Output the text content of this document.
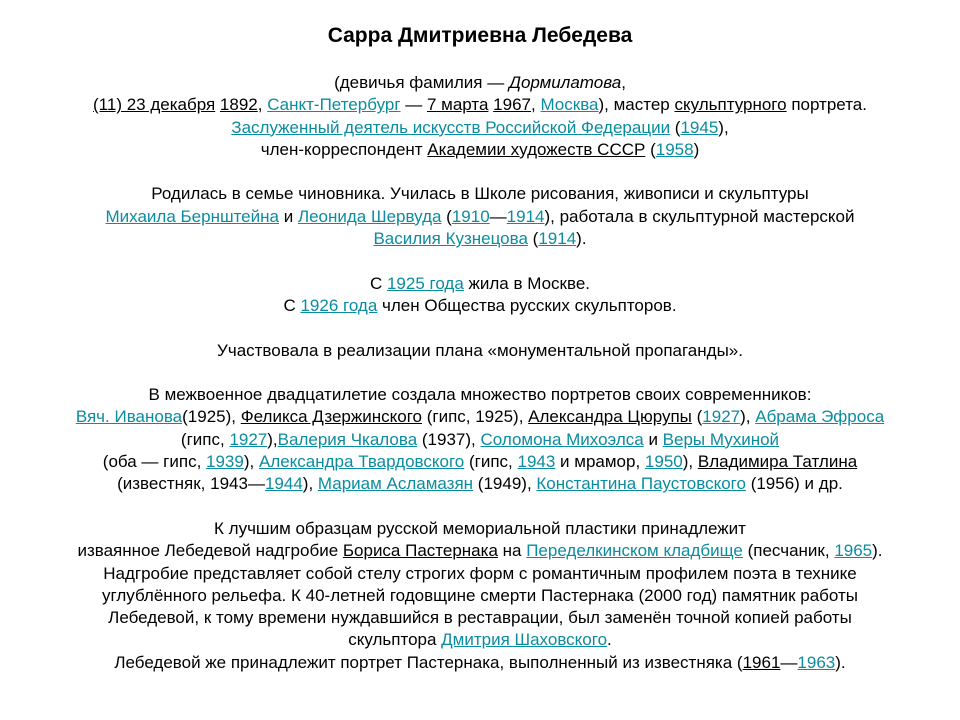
Сарра Дмитриевна Лебедева

(девичья фамилия — Дормилатова,

(11) 23 декабря 1892, Санкт-Петербург — 7 марта 1967, Москва), мастер скульптурного портрета.

Заслуженный деятель искусств Российской Федерации (1945),

член-корреспондент Академии художеств СССР (1958)

Родилась в семье чиновника. Училась в Школе рисования, живописи и скульптуры

Михаила Бернштейна и Леонида Шервуда (1910—1914), работала в скульптурной мастерской

Василия Кузнецова (1914).

С 1925 года жила в Москве.

С 1926 года член Общества русских скульпторов.

Участвовала в реализации плана «монументальной пропаганды».

В межвоенное двадцатилетие создала множество портретов своих современников:

Вяч. Иванова(1925), Феликса Дзержинского (гипс, 1925), Александра Цюрупы (1927), Абрама Эфроса

(гипс, 1927),Валерия Чкалова (1937), Соломона Михоэлса и Веры Мухиной

(оба — гипс, 1939), Александра Твардовского (гипс, 1943 и мрамор, 1950), Владимира Татлина

(известняк, 1943—1944), Мариам Асламазян (1949), Константина Паустовского (1956) и др.

К лучшим образцам русской мемориальной пластики принадлежит

изваянное Лебедевой надгробие Бориса Пастернака на Переделкинском кладбище (песчаник, 1965).

Надгробие представляет собой стелу строгих форм с романтичным профилем поэта в технике

углублённого рельефа. К 40-летней годовщине смерти Пастернака (2000 год) памятник работы

Лебедевой, к тому времени нуждавшийся в реставрации, был заменён точной копией работы

скульптора Дмитрия Шаховского.

Лебедевой же принадлежит портрет Пастернака, выполненный из известняка (1961—1963).
